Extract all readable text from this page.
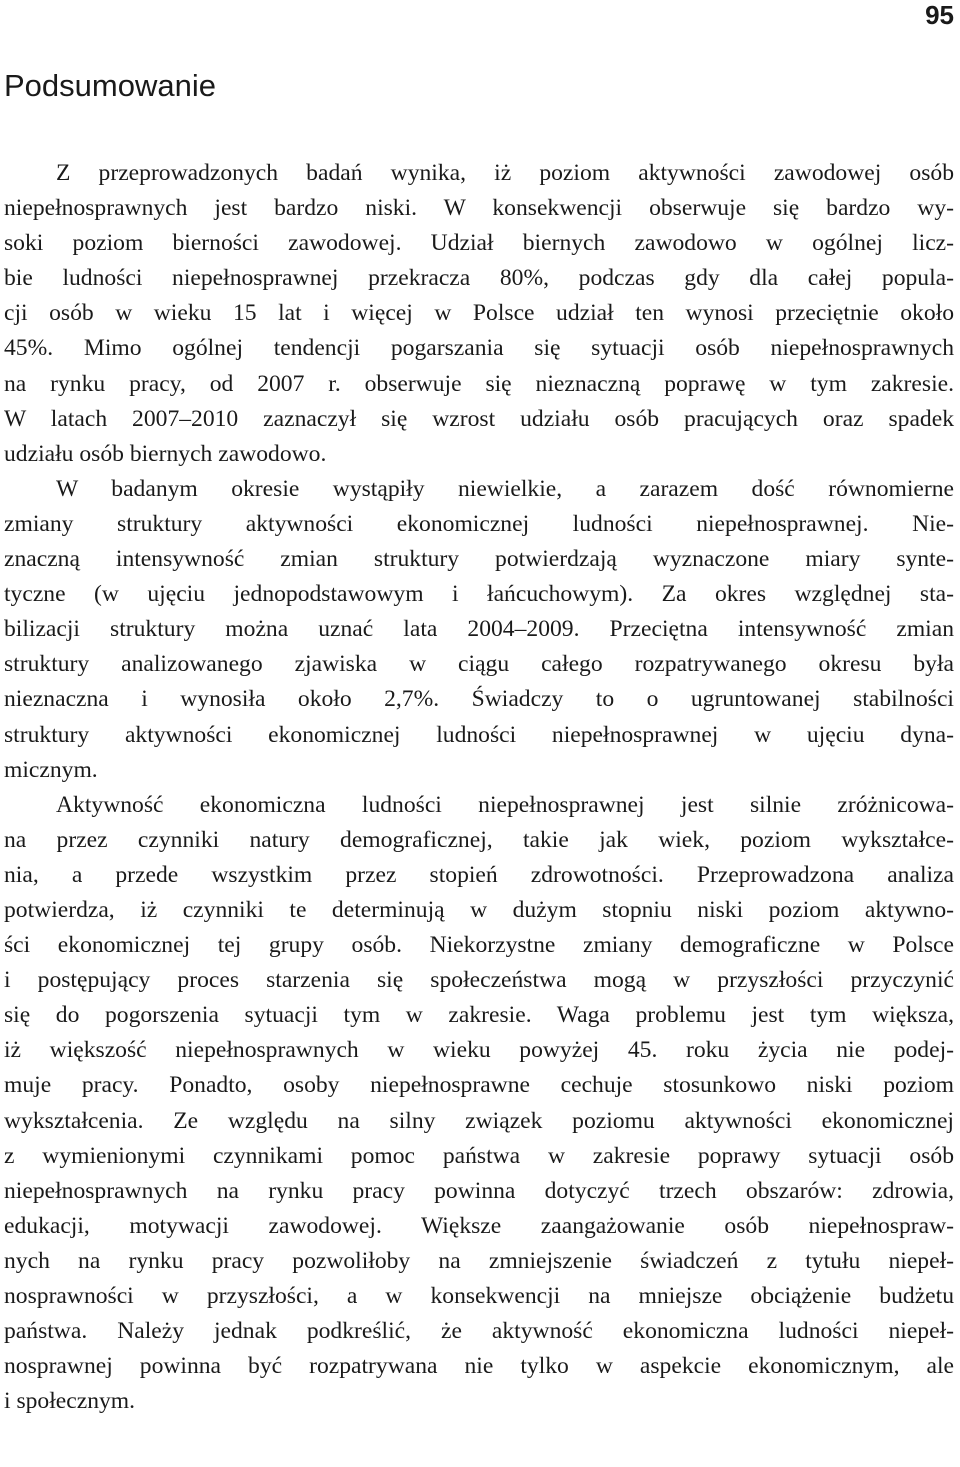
95
Podsumowanie

Z przeprowadzonych badań wynika, iż poziom aktywności zawodowej osób
niepełnosprawnych jest bardzo niski. W konsekwencji obserwuje się bardzo wy-
soki poziom bierności zawodowej. Udział biernych zawodowo w ogólnej licz-
bie ludności niepełnosprawnej przekracza 80%, podczas gdy dla całej popula-
cji osób w wieku 15 lat i więcej w Polsce udział ten wynosi przeciętnie około
45%. Mimo ogólnej tendencji pogarszania się sytuacji osób niepełnosprawnych
na rynku pracy, od 2007 r. obserwuje się nieznaczną poprawę w tym zakresie.
W latach 2007–2010 zaznaczył się wzrost udziału osób pracujących oraz spadek
udziału osób biernych zawodowo.

W badanym okresie wystąpiły niewielkie, a zarazem dość równomierne
zmiany struktury aktywności ekonomicznej ludności niepełnosprawnej. Nie-
znaczną intensywność zmian struktury potwierdzają wyznaczone miary synte-
tyczne (w ujęciu jednopodstawowym i łańcuchowym). Za okres względnej sta-
bilizacji struktury można uznać lata 2004–2009. Przeciętna intensywność zmian
struktury analizowanego zjawiska w ciągu całego rozpatrywanego okresu była
nieznaczna i wynosiła około 2,7%. Świadczy to o ugruntowanej stabilności
struktury aktywności ekonomicznej ludności niepełnosprawnej w ujęciu dyna-
micznym.

Aktywność ekonomiczna ludności niepełnosprawnej jest silnie zróżnicowa-
na przez czynniki natury demograficznej, takie jak wiek, poziom wykształce-
nia, a przede wszystkim przez stopień zdrowotności. Przeprowadzona analiza
potwierdza, iż czynniki te determinują w dużym stopniu niski poziom aktywno-
ści ekonomicznej tej grupy osób. Niekorzystne zmiany demograficzne w Polsce
i postępujący proces starzenia się społeczeństwa mogą w przyszłości przyczynić
się do pogorszenia sytuacji tym w zakresie. Waga problemu jest tym większa,
iż większość niepełnosprawnych w wieku powyżej 45. roku życia nie podej-
muje pracy. Ponadto, osoby niepełnosprawne cechuje stosunkowo niski poziom
wykształcenia. Ze względu na silny związek poziomu aktywności ekonomicznej
z wymienionymi czynnikami pomoc państwa w zakresie poprawy sytuacji osób
niepełnosprawnych na rynku pracy powinna dotyczyć trzech obszarów: zdrowia,
edukacji, motywacji zawodowej. Większe zaangażowanie osób niepełnospraw-
nych na rynku pracy pozwoliłoby na zmniejszenie świadczeń z tytułu niepeł-
nosprawności w przyszłości, a w konsekwencji na mniejsze obciążenie budżetu
państwa. Należy jednak podkreślić, że aktywność ekonomiczna ludności niepeł-
nosprawnej powinna być rozpatrywana nie tylko w aspekcie ekonomicznym, ale
i społecznym.
